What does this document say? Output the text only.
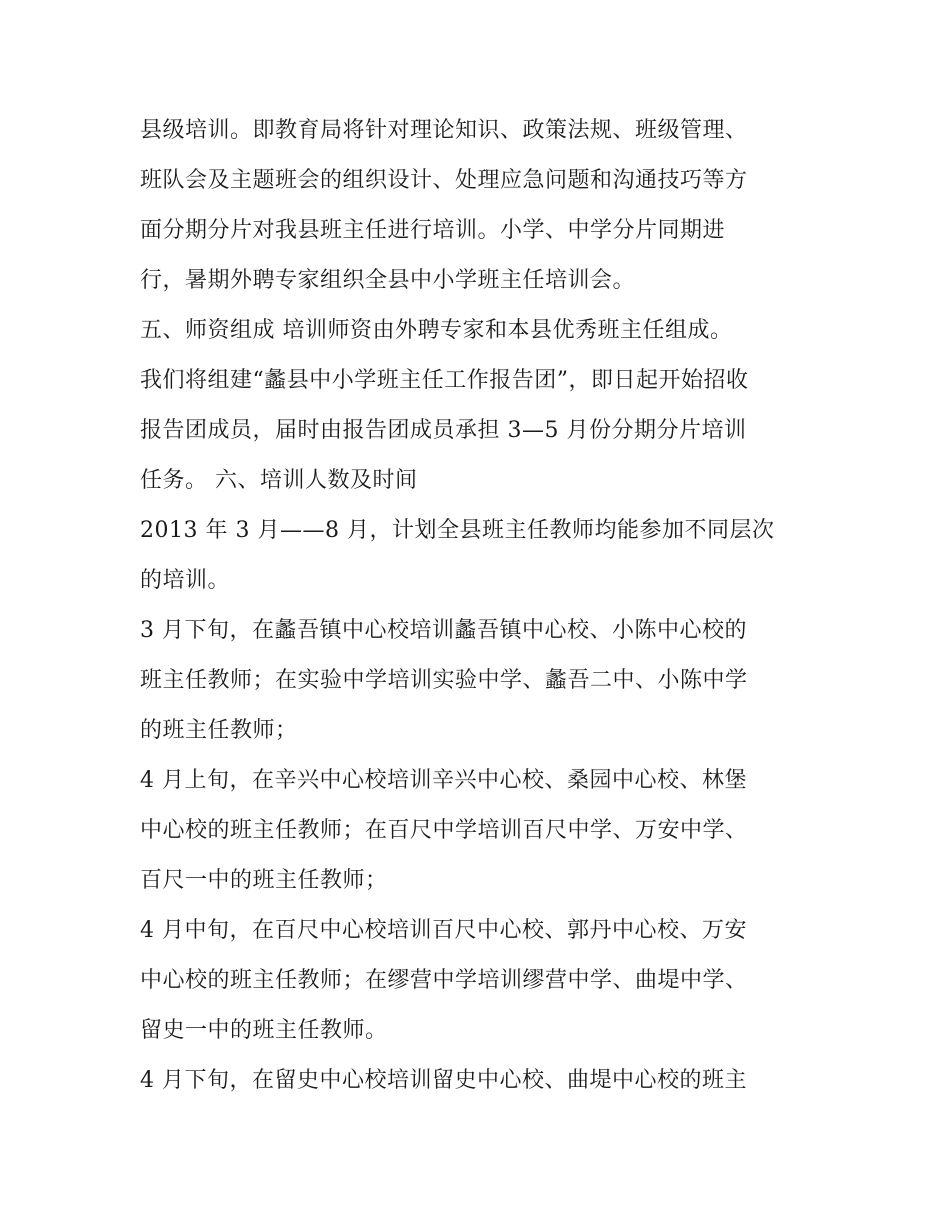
县级培训。即教育局将针对理论知识、政策法规、班级管理、
班队会及主题班会的组织设计、处理应急问题和沟通技巧等方
面分期分片对我县班主任进行培训。小学、中学分片同期进
行，暑期外聘专家组织全县中小学班主任培训会。
五、师资组成 培训师资由外聘专家和本县优秀班主任组成。
我们将组建“蠡县中小学班主任工作报告团”，即日起开始招收
报告团成员，届时由报告团成员承担 3—5 月份分期分片培训
任务。 六、培训人数及时间
2013 年 3 月——8 月，计划全县班主任教师均能参加不同层次
的培训。
3 月下旬，在蠡吾镇中心校培训蠡吾镇中心校、小陈中心校的
班主任教师；在实验中学培训实验中学、蠡吾二中、小陈中学
的班主任教师；
4 月上旬，在辛兴中心校培训辛兴中心校、桑园中心校、林堡
中心校的班主任教师；在百尺中学培训百尺中学、万安中学、
百尺一中的班主任教师；
4 月中旬，在百尺中心校培训百尺中心校、郭丹中心校、万安
中心校的班主任教师；在缪营中学培训缪营中学、曲堤中学、
留史一中的班主任教师。
4 月下旬，在留史中心校培训留史中心校、曲堤中心校的班主
